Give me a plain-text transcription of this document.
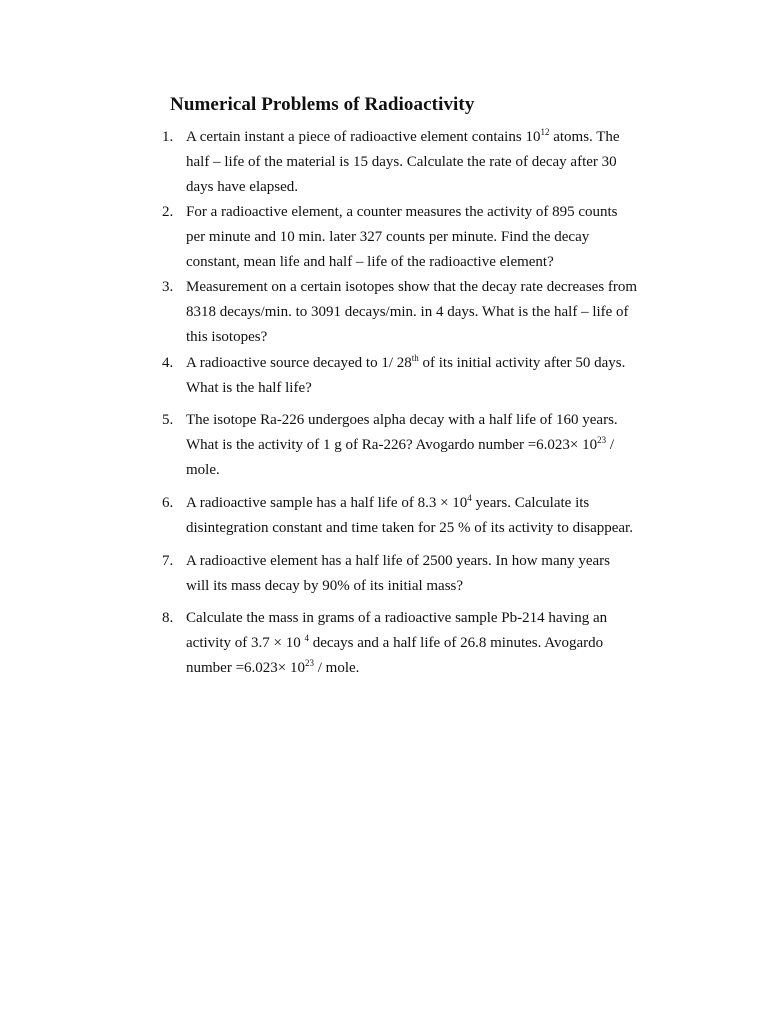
Numerical Problems of Radioactivity
1. A certain instant a piece of radioactive element contains $10^{12}$ atoms. The
half – life of the material is 15 days. Calculate the rate of decay after 30
days have elapsed.
2. For a radioactive element, a counter measures the activity of 895 counts
per minute and 10 min. later 327 counts per minute. Find the decay
constant, mean life and half – life of the radioactive element?
3. Measurement on a certain isotopes show that the decay rate decreases from
8318 decays/min. to 3091 decays/min. in 4 days. What is the half – life of
this isotopes?
4. A radioactive source decayed to 1/ 28th of its initial activity after 50 days.
What is the half life?
5. The isotope Ra-226 undergoes alpha decay with a half life of 160 years.
What is the activity of 1 g of Ra-226? Avogardo number $=6.023\times 10^{23}$ /
mole.
6. A radioactive sample has a half life of $8.3 \times 10^4$ years. Calculate its
disintegration constant and time taken for 25 % of its activity to disappear.
7. A radioactive element has a half life of 2500 years. In how many years
will its mass decay by 90% of its initial mass?
8. Calculate the mass in grams of a radioactive sample Pb-214 having an
activity of 3.7 × 10 $^4$ decays and a half life of 26.8 minutes. Avogardo
number $=6.023\times 10^{23}$ / mole.
